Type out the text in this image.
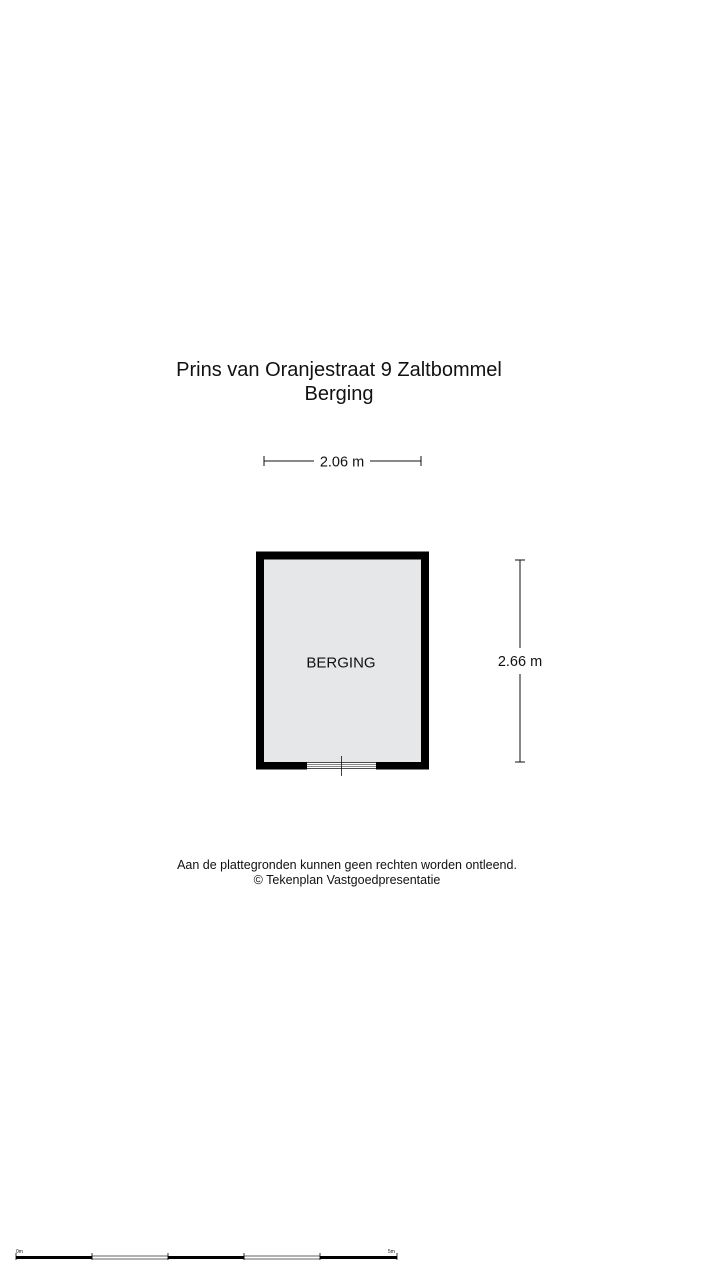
Prins van Oranjestraat 9 Zaltbommel
Berging
2.06 m
2.66 m
BERGING
0m	5m
Aan de plattegronden kunnen geen rechten worden ontleend.
© Tekenplan Vastgoedpresentatie
